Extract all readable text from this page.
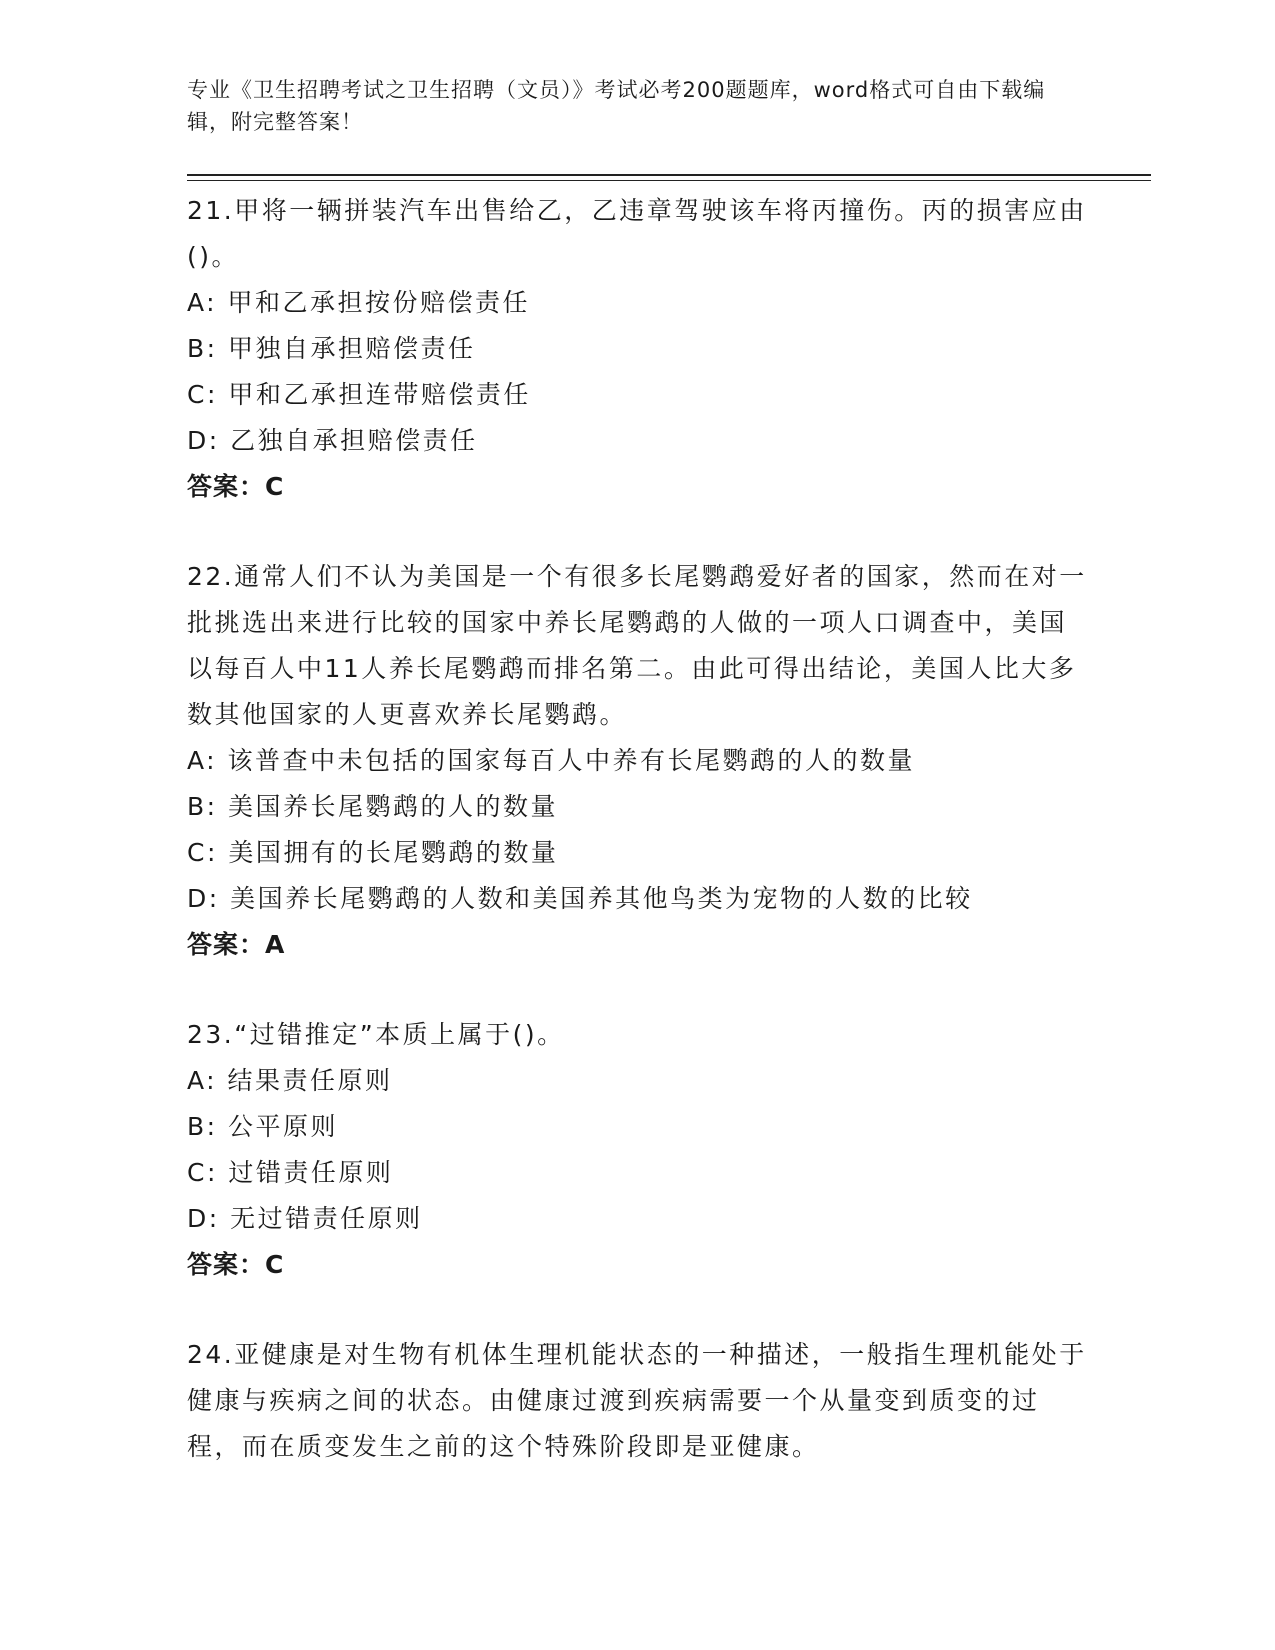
专业《卫生招聘考试之卫生招聘（文员）》考试必考200题题库，word格式可自由下载编辑，附完整答案！
21.甲将一辆拼装汽车出售给乙，乙违章驾驶该车将丙撞伤。丙的损害应由()。
A: 甲和乙承担按份赔偿责任
B: 甲独自承担赔偿责任
C: 甲和乙承担连带赔偿责任
D: 乙独自承担赔偿责任
答案：C
22.通常人们不认为美国是一个有很多长尾鹦鹉爱好者的国家，然而在对一批挑选出来进行比较的国家中养长尾鹦鹉的人做的一项人口调查中，美国以每百人中11人养长尾鹦鹉而排名第二。由此可得出结论，美国人比大多数其他国家的人更喜欢养长尾鹦鹉。
A: 该普查中未包括的国家每百人中养有长尾鹦鹉的人的数量
B: 美国养长尾鹦鹉的人的数量
C: 美国拥有的长尾鹦鹉的数量
D: 美国养长尾鹦鹉的人数和美国养其他鸟类为宠物的人数的比较
答案：A
23.“过错推定”本质上属于()。
A: 结果责任原则
B: 公平原则
C: 过错责任原则
D: 无过错责任原则
答案：C
24.亚健康是对生物有机体生理机能状态的一种描述，一般指生理机能处于健康与疾病之间的状态。由健康过渡到疾病需要一个从量变到质变的过程，而在质变发生之前的这个特殊阶段即是亚健康。
